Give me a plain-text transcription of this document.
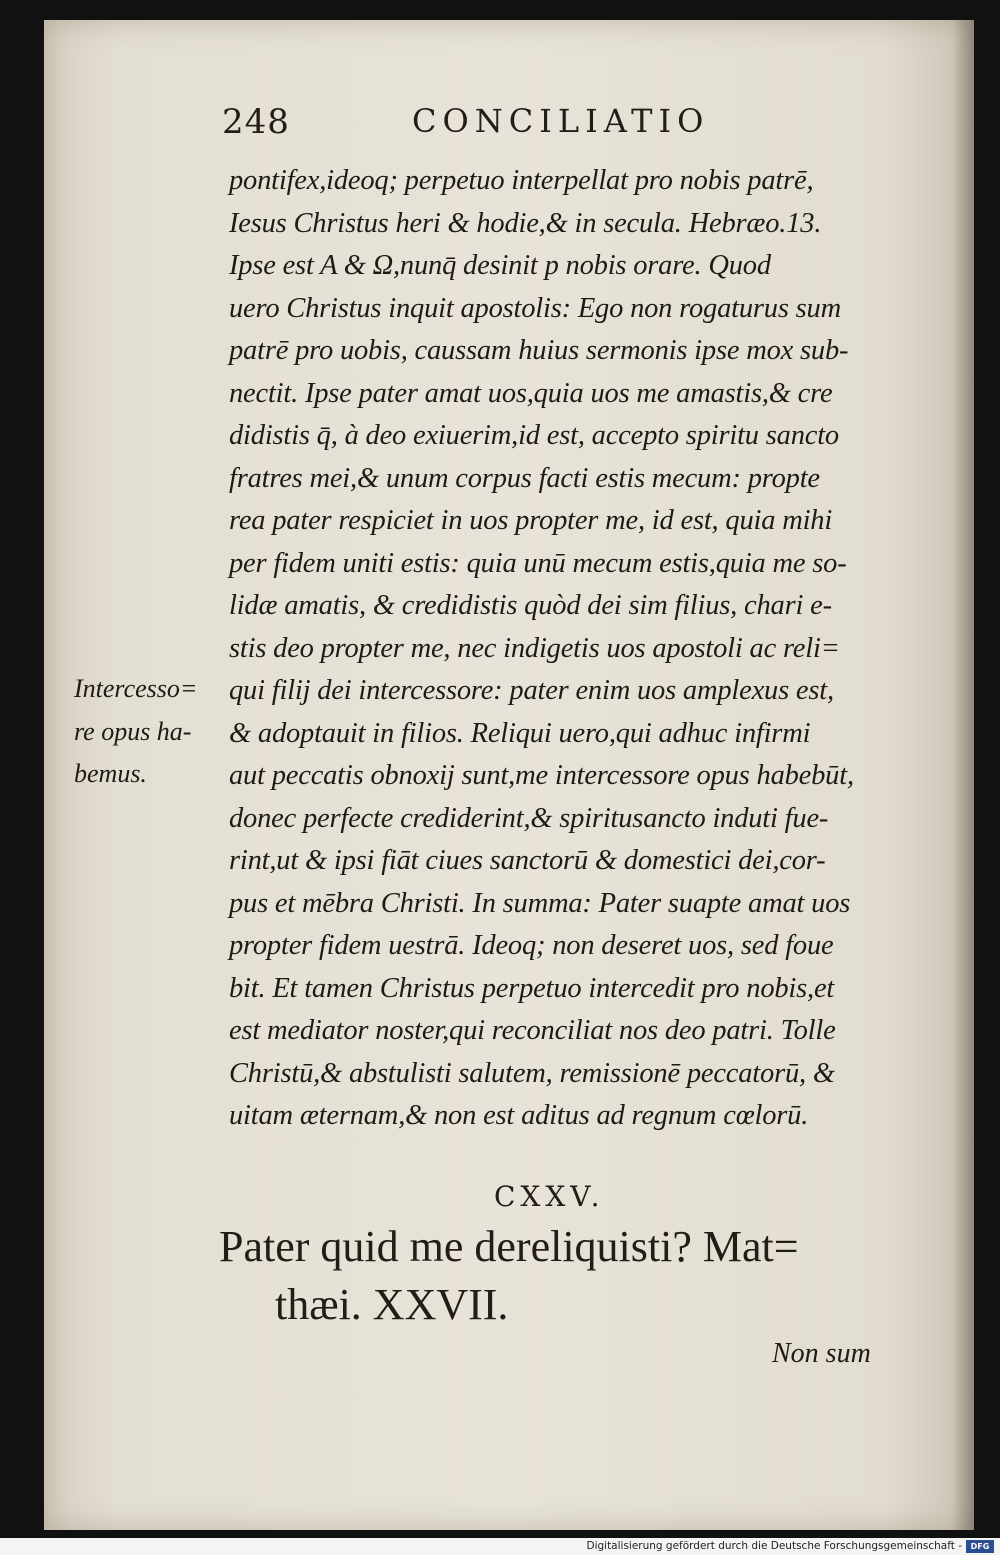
248	CONCILIATIO
Intercesso=
re opus ha-
bemus.
pontifex,ideoq; perpetuo interpellat pro nobis patrē,
Iesus Christus heri & hodie,& in secula. Hebræo.13.
Ipse est A & Ω,nunq̄ desinit p nobis orare. Quod
uero Christus inquit apostolis: Ego non rogaturus sum
patrē pro uobis, caussam huius sermonis ipse mox sub-
nectit. Ipse pater amat uos,quia uos me amastis,& cre
didistis q̄, à deo exiuerim,id est, accepto spiritu sancto
fratres mei,& unum corpus facti estis mecum: propte
rea pater respiciet in uos propter me, id est, quia mihi
per fidem uniti estis: quia unū mecum estis,quia me so-
lidæ amatis, & credidistis quòd dei sim filius, chari e-
stis deo propter me, nec indigetis uos apostoli ac reli=
qui filij dei intercessore: pater enim uos amplexus est,
& adoptauit in filios. Reliqui uero,qui adhuc infirmi
aut peccatis obnoxij sunt,me intercessore opus habebūt,
donec perfecte crediderint,& spiritusancto induti fue-
rint,ut & ipsi fiāt ciues sanctorū & domestici dei,cor-
pus et mēbra Christi. In summa: Pater suapte amat uos
propter fidem uestrā. Ideoq; non deseret uos, sed foue
bit. Et tamen Christus perpetuo intercedit pro nobis,et
est mediator noster,qui reconciliat nos deo patri. Tolle
Christū,& abstulisti salutem, remissionē peccatorū, &
uitam æternam,& non est aditus ad regnum cœlorū.
CXXV.
Pater quid me dereliquisti? Mat=
thæi. XXVII.
Non sum
Digitalisierung gefördert durch die Deutsche Forschungsgemeinschaft -	DFG
